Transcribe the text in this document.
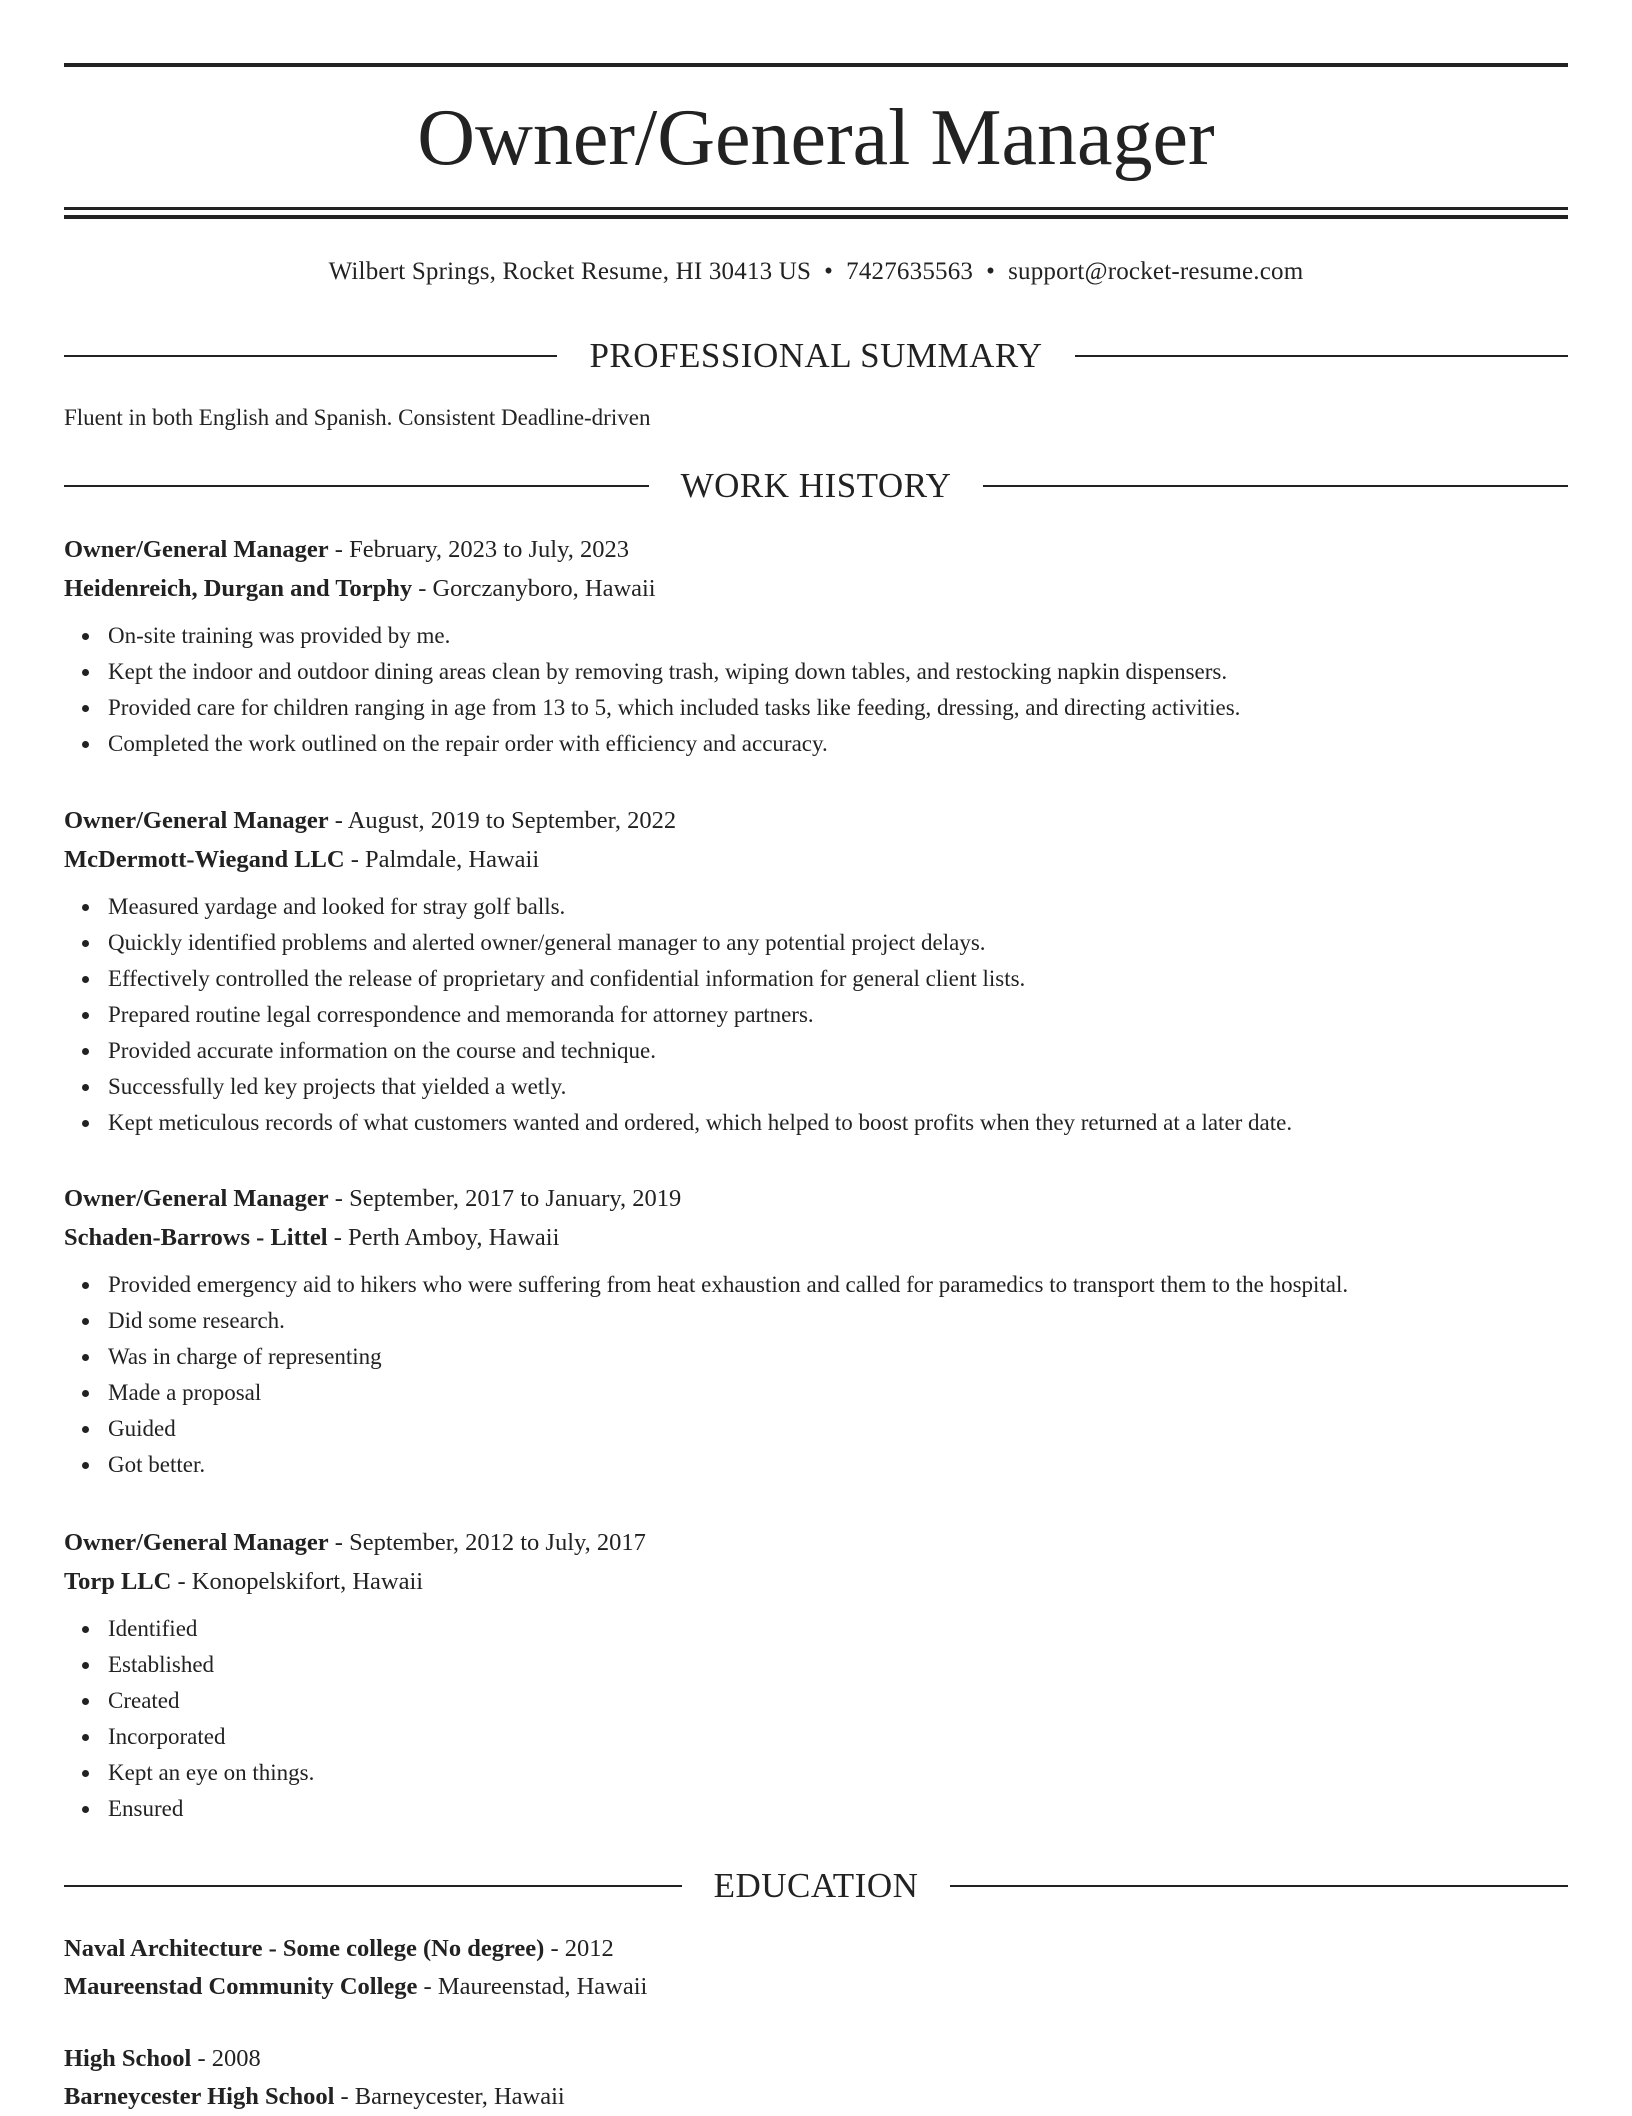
Owner/General Manager
Wilbert Springs, Rocket Resume, HI 30413 US • 7427635563 • support@rocket-resume.com
PROFESSIONAL SUMMARY
Fluent in both English and Spanish. Consistent Deadline-driven
WORK HISTORY
Owner/General Manager - February, 2023 to July, 2023
Heidenreich, Durgan and Torphy - Gorczanyboro, Hawaii
On-site training was provided by me.
Kept the indoor and outdoor dining areas clean by removing trash, wiping down tables, and restocking napkin dispensers.
Provided care for children ranging in age from 13 to 5, which included tasks like feeding, dressing, and directing activities.
Completed the work outlined on the repair order with efficiency and accuracy.
Owner/General Manager - August, 2019 to September, 2022
McDermott-Wiegand LLC - Palmdale, Hawaii
Measured yardage and looked for stray golf balls.
Quickly identified problems and alerted owner/general manager to any potential project delays.
Effectively controlled the release of proprietary and confidential information for general client lists.
Prepared routine legal correspondence and memoranda for attorney partners.
Provided accurate information on the course and technique.
Successfully led key projects that yielded a wetly.
Kept meticulous records of what customers wanted and ordered, which helped to boost profits when they returned at a later date.
Owner/General Manager - September, 2017 to January, 2019
Schaden-Barrows - Littel - Perth Amboy, Hawaii
Provided emergency aid to hikers who were suffering from heat exhaustion and called for paramedics to transport them to the hospital.
Did some research.
Was in charge of representing
Made a proposal
Guided
Got better.
Owner/General Manager - September, 2012 to July, 2017
Torp LLC - Konopelskifort, Hawaii
Identified
Established
Created
Incorporated
Kept an eye on things.
Ensured
EDUCATION
Naval Architecture - Some college (No degree) - 2012
Maureenstad Community College - Maureenstad, Hawaii
High School - 2008
Barneycester High School - Barneycester, Hawaii
